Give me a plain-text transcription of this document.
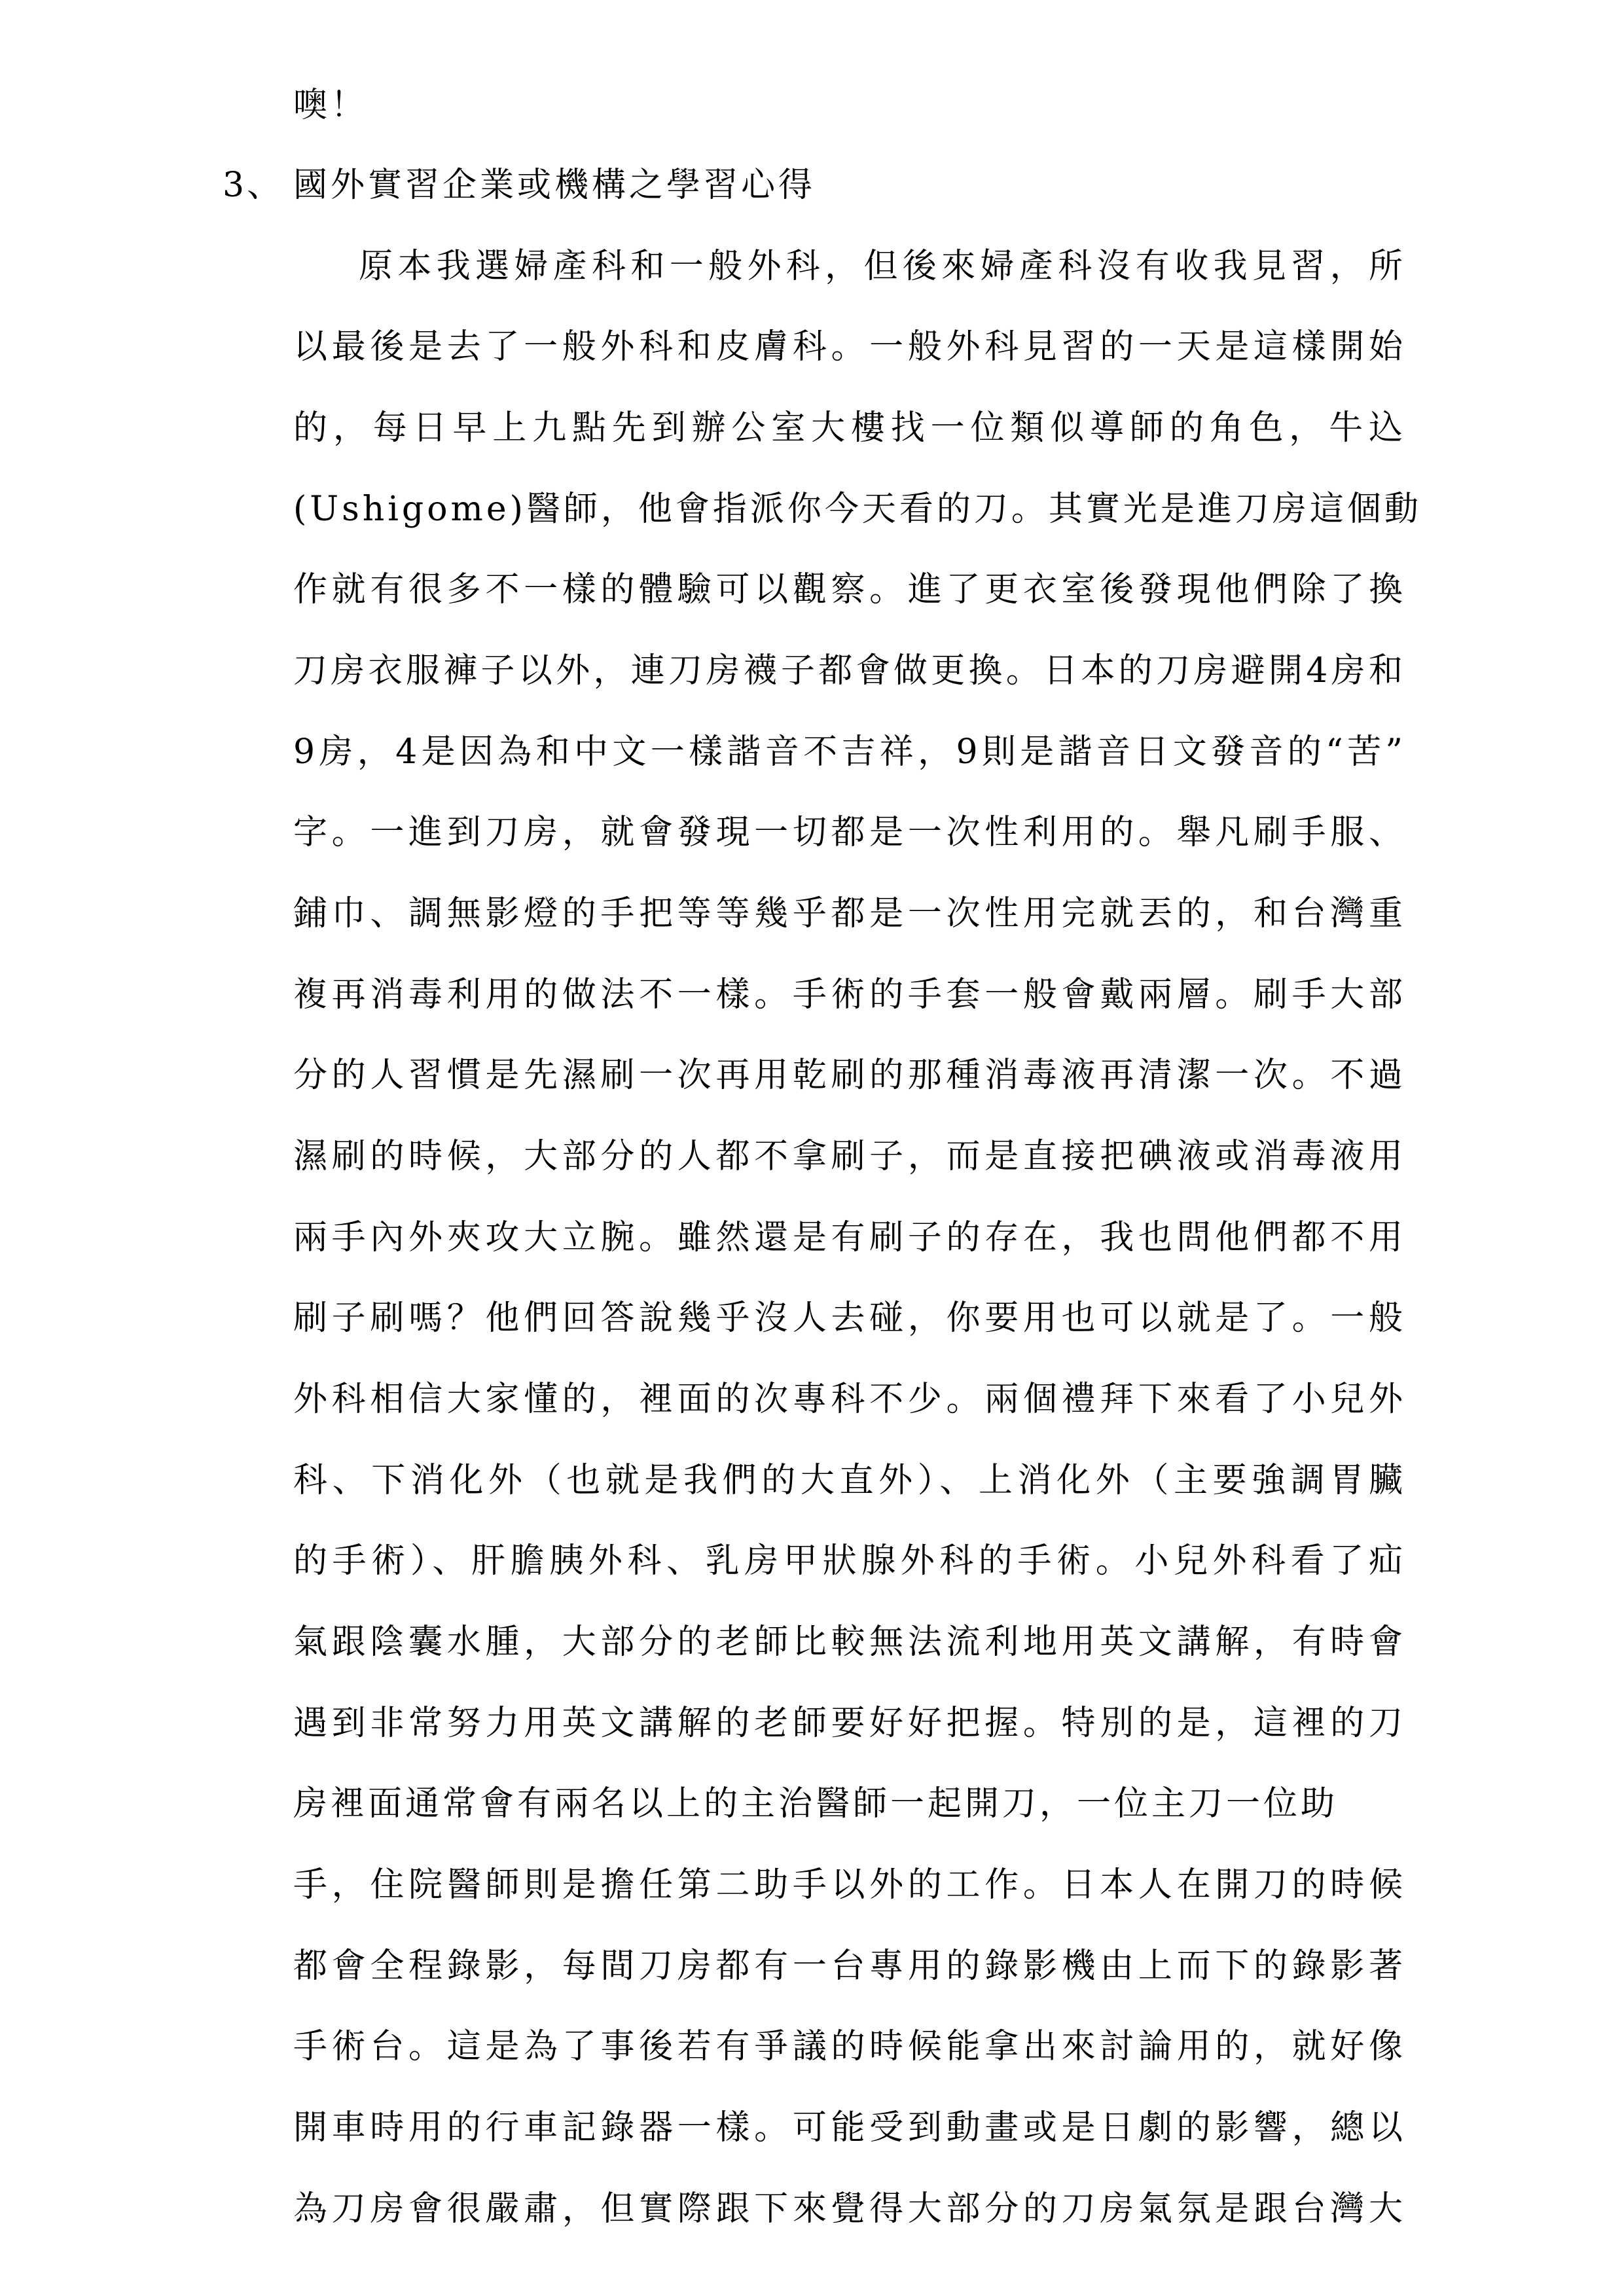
噢！
3、 國外實習企業或機構之學習心得
原本我選婦產科和一般外科，但後來婦產科沒有收我見習，所
以最後是去了一般外科和皮膚科。一般外科見習的一天是這樣開始
的，每日早上九點先到辦公室大樓找一位類似導師的角色，牛込
(Ushigome)醫師，他會指派你今天看的刀。其實光是進刀房這個動
作就有很多不一樣的體驗可以觀察。進了更衣室後發現他們除了換
刀房衣服褲子以外，連刀房襪子都會做更換。日本的刀房避開4房和
9房，4是因為和中文一樣諧音不吉祥，9則是諧音日文發音的“苦”
字。一進到刀房，就會發現一切都是一次性利用的。舉凡刷手服、
鋪巾、調無影燈的手把等等幾乎都是一次性用完就丟的，和台灣重
複再消毒利用的做法不一樣。手術的手套一般會戴兩層。刷手大部
分的人習慣是先濕刷一次再用乾刷的那種消毒液再清潔一次。不過
濕刷的時候，大部分的人都不拿刷子，而是直接把碘液或消毒液用
兩手內外夾攻大立腕。雖然還是有刷子的存在，我也問他們都不用
刷子刷嗎？他們回答說幾乎沒人去碰，你要用也可以就是了。一般
外科相信大家懂的，裡面的次專科不少。兩個禮拜下來看了小兒外
科、下消化外（也就是我們的大直外）、上消化外（主要強調胃臟
的手術）、肝膽胰外科、乳房甲狀腺外科的手術。小兒外科看了疝
氣跟陰囊水腫，大部分的老師比較無法流利地用英文講解，有時會
遇到非常努力用英文講解的老師要好好把握。特別的是，這裡的刀
房裡面通常會有兩名以上的主治醫師一起開刀，一位主刀一位助
手，住院醫師則是擔任第二助手以外的工作。日本人在開刀的時候
都會全程錄影，每間刀房都有一台專用的錄影機由上而下的錄影著
手術台。這是為了事後若有爭議的時候能拿出來討論用的，就好像
開車時用的行車記錄器一樣。可能受到動畫或是日劇的影響，總以
為刀房會很嚴肅，但實際跟下來覺得大部分的刀房氣氛是跟台灣大
